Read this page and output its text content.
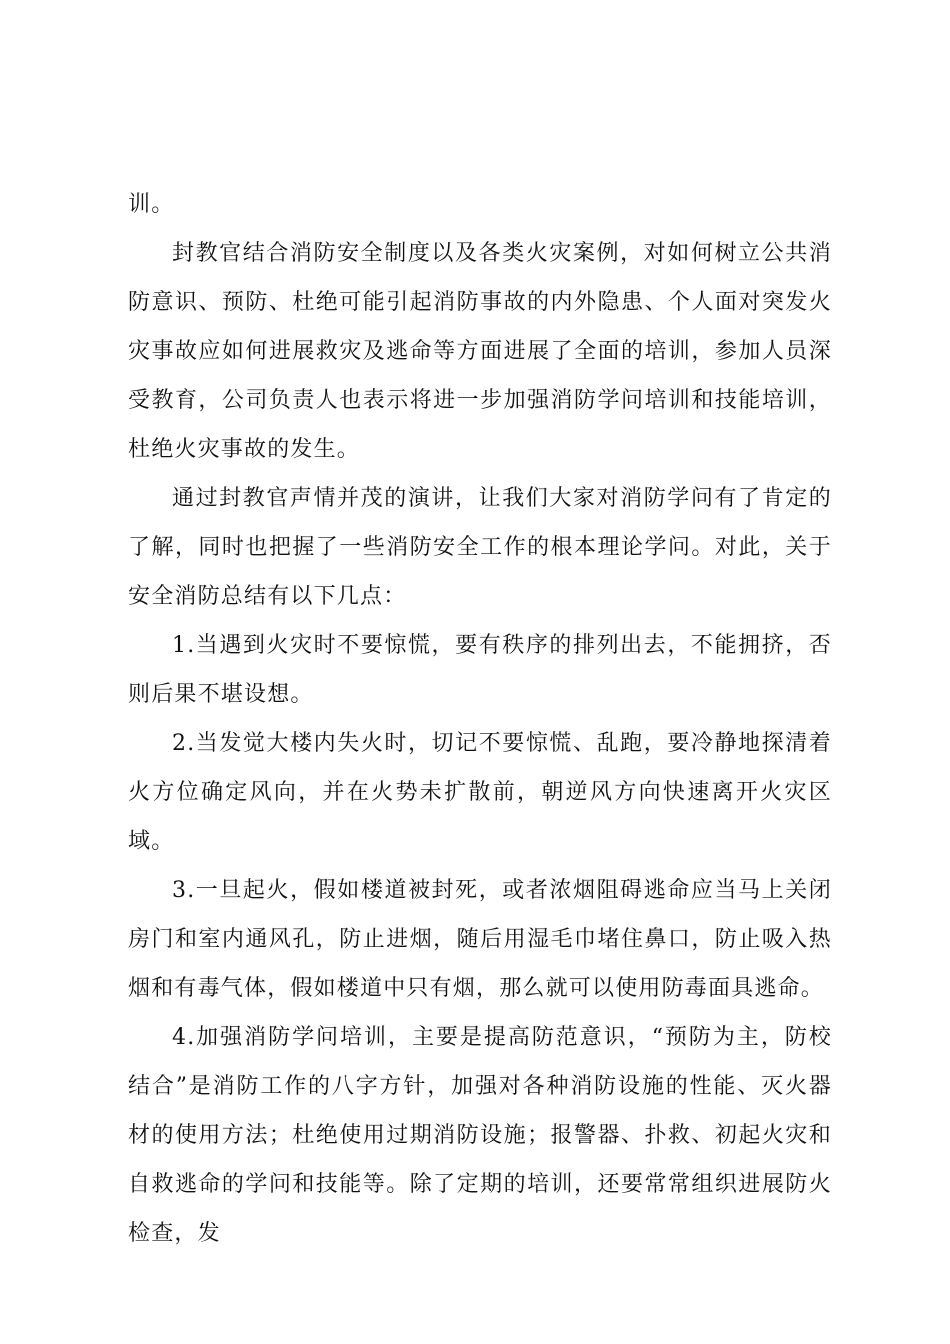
训。

封教官结合消防安全制度以及各类火灾案例，对如何树立公共消防意识、预防、杜绝可能引起消防事故的内外隐患、个人面对突发火灾事故应如何进展救灾及逃命等方面进展了全面的培训，参加人员深受教育，公司负责人也表示将进一步加强消防学问培训和技能培训，杜绝火灾事故的发生。

通过封教官声情并茂的演讲，让我们大家对消防学问有了肯定的了解，同时也把握了一些消防安全工作的根本理论学问。对此，关于安全消防总结有以下几点：

1.当遇到火灾时不要惊慌，要有秩序的排列出去，不能拥挤，否则后果不堪设想。

2.当发觉大楼内失火时，切记不要惊慌、乱跑，要冷静地探清着火方位确定风向，并在火势未扩散前，朝逆风方向快速离开火灾区域。

3.一旦起火，假如楼道被封死，或者浓烟阻碍逃命应当马上关闭房门和室内通风孔，防止进烟，随后用湿毛巾堵住鼻口，防止吸入热烟和有毒气体，假如楼道中只有烟，那么就可以使用防毒面具逃命。

4.加强消防学问培训，主要是提高防范意识，“预防为主，防校结合”是消防工作的八字方针，加强对各种消防设施的性能、灭火器材的使用方法；杜绝使用过期消防设施；报警器、扑救、初起火灾和自救逃命的学问和技能等。除了定期的培训，还要常常组织进展防火检查，发
